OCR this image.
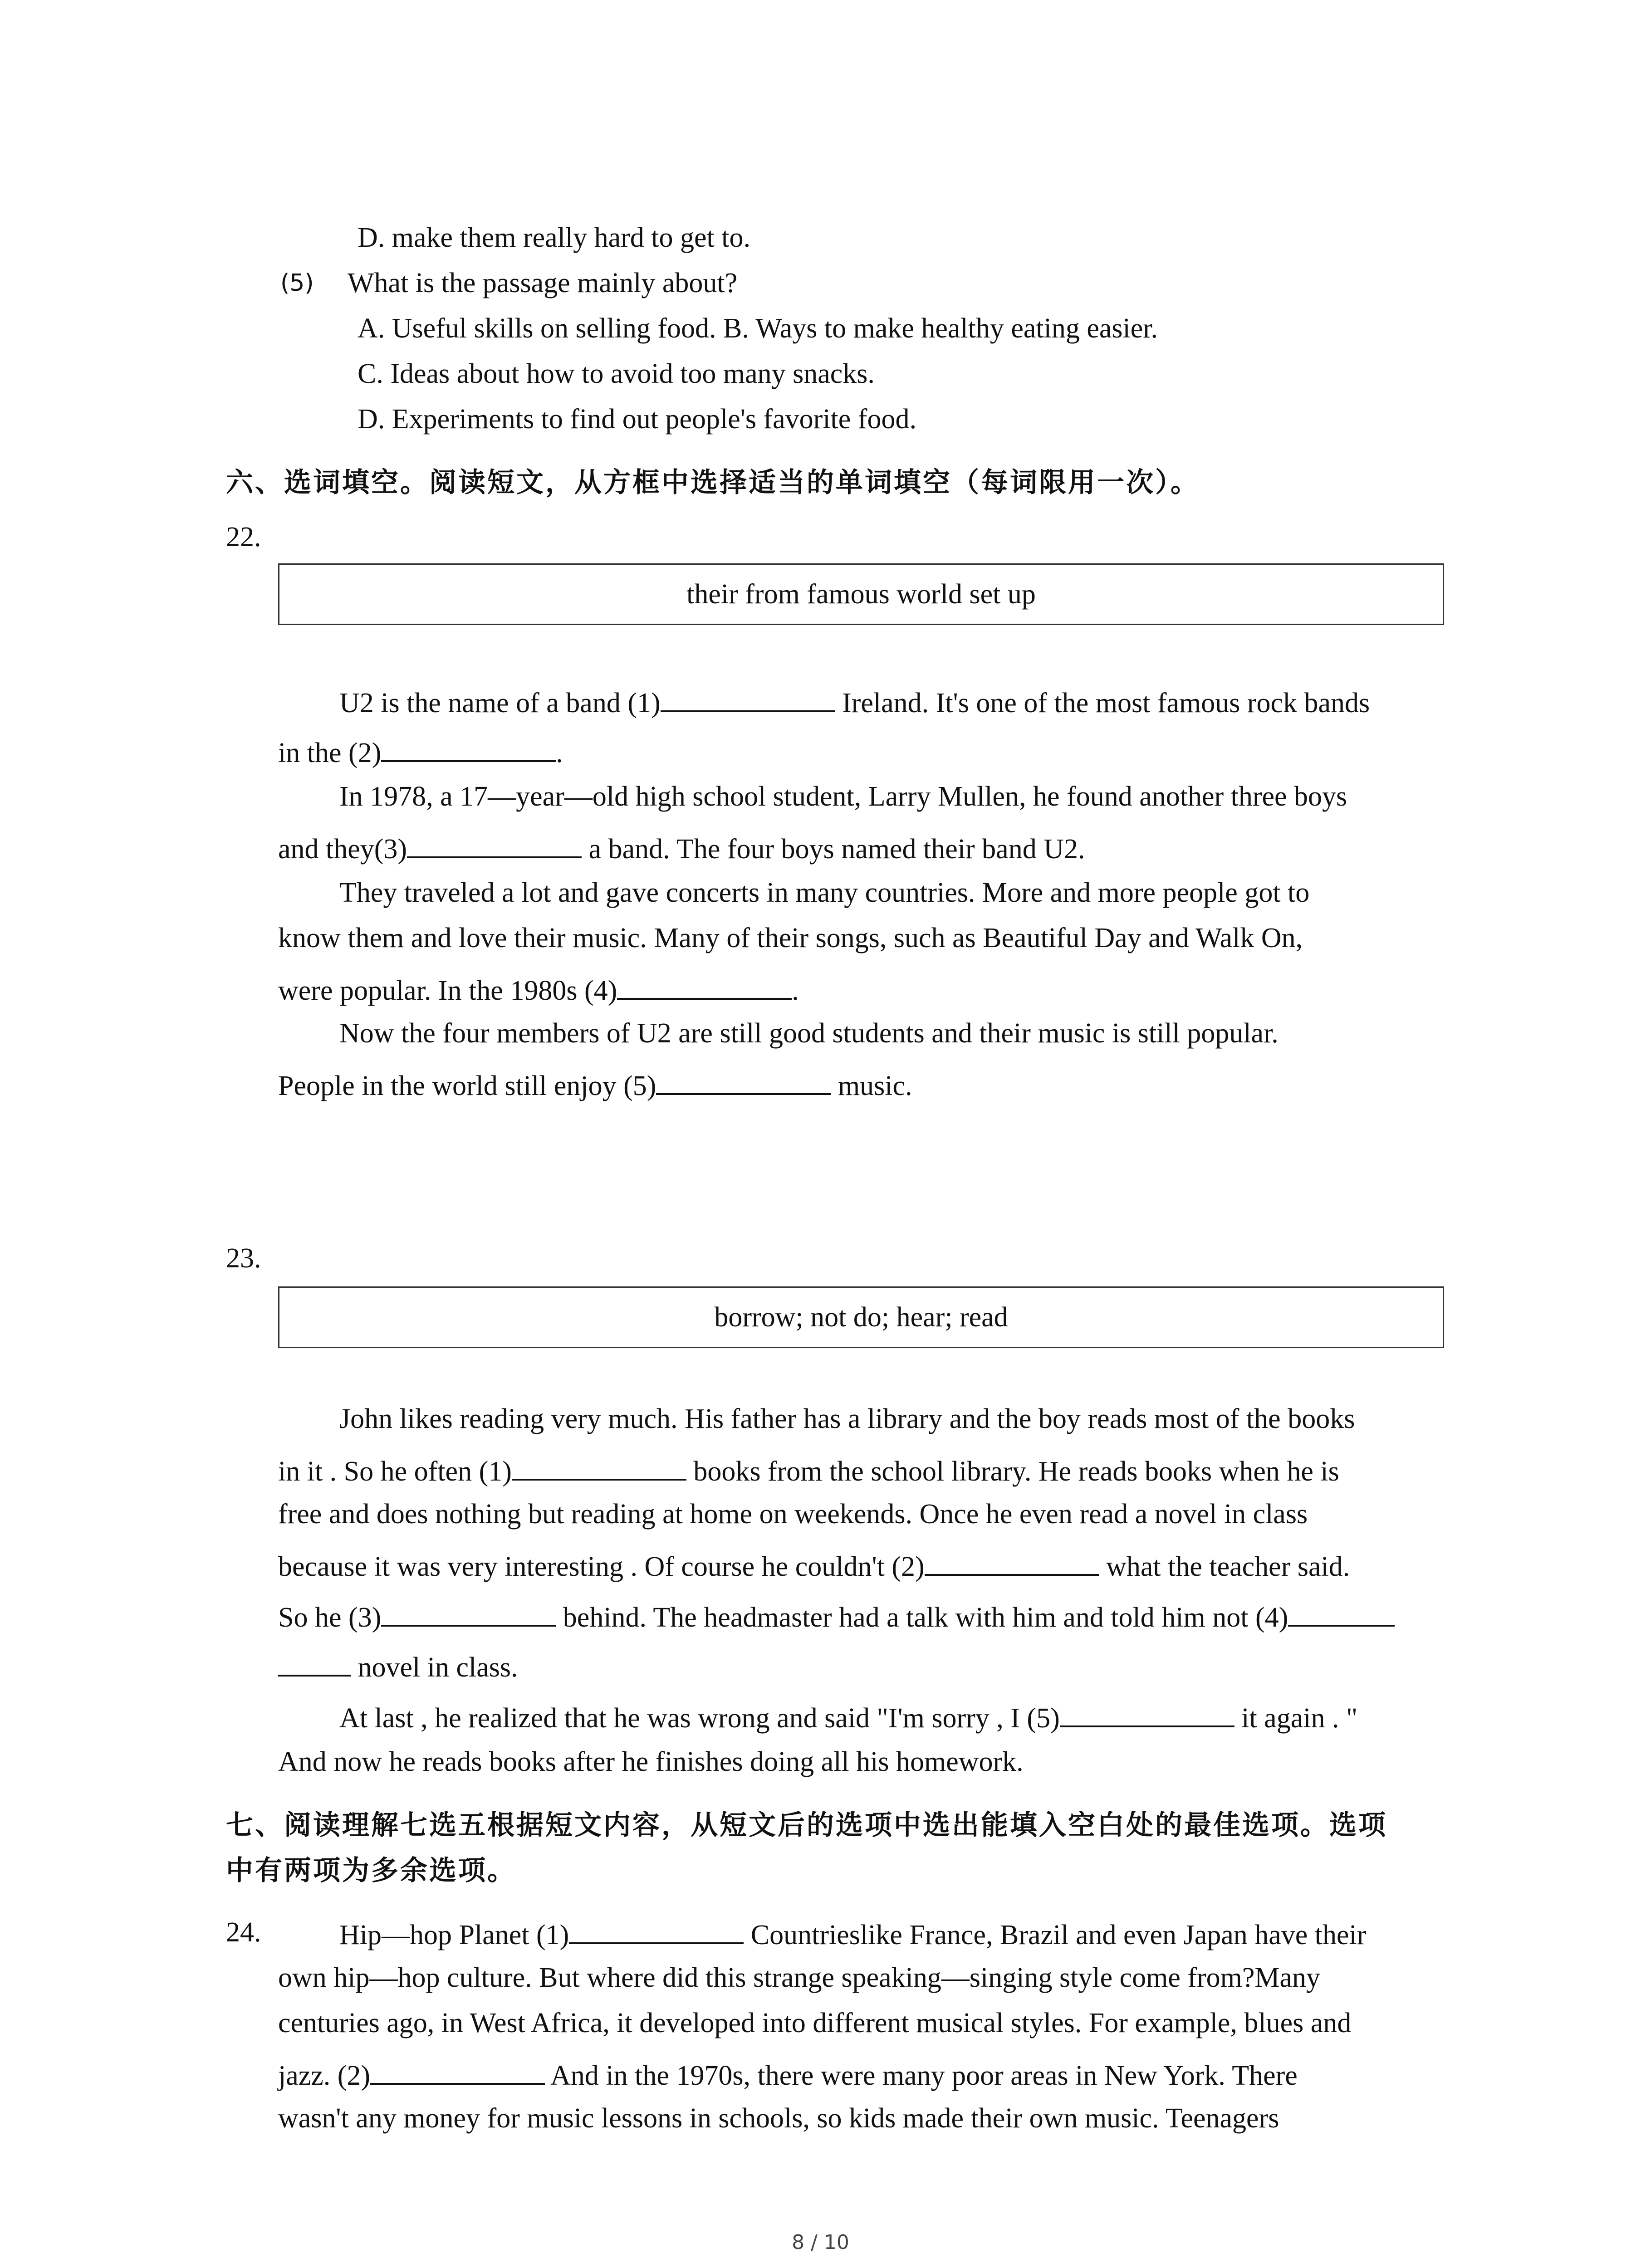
D. make them really hard to get to.
(5) What is the passage mainly about?
A. Useful skills on selling food. B. Ways to make healthy eating easier.
C. Ideas about how to avoid too many snacks.
D. Experiments to find out people's favorite food.
六、选词填空。阅读短文，从方框中选择适当的单词填空（每词限用一次）。
22.
their from famous world set up
U2 is the name of a band (1)	Ireland. It's one of the most famous rock bands
in the (2)	.
In 1978, a 17—year—old high school student, Larry Mullen, he found another three boys
and they(3)	a band. The four boys named their band U2.
They traveled a lot and gave concerts in many countries. More and more people got to
know them and love their music. Many of their songs, such as Beautiful Day and Walk On,
were popular. In the 1980s (4)	.
Now the four members of U2 are still good students and their music is still popular.
People in the world still enjoy (5)	music.
23.
borrow; not do; hear; read
John likes reading very much. His father has a library and the boy reads most of the books
in it . So he often (1)	books from the school library. He reads books when he is
free and does nothing but reading at home on weekends. Once he even read a novel in class
because it was very interesting . Of course he couldn't (2)	what the teacher said.
So he (3)	behind. The headmaster had a talk with him and told him not (4)
novel in class.
At last , he realized that he was wrong and said "I'm sorry , I (5)	it again . "
And now he reads books after he finishes doing all his homework.
七、阅读理解七选五根据短文内容，从短文后的选项中选出能填入空白处的最佳选项。选项
中有两项为多余选项。
24.	Hip—hop Planet (1)	Countrieslike France, Brazil and even Japan have their
own hip—hop culture. But where did this strange speaking—singing style come from?Many
centuries ago, in West Africa, it developed into different musical styles. For example, blues and
jazz. (2)	And in the 1970s, there were many poor areas in New York. There
wasn't any money for music lessons in schools, so kids made their own music. Teenagers
8 / 10
